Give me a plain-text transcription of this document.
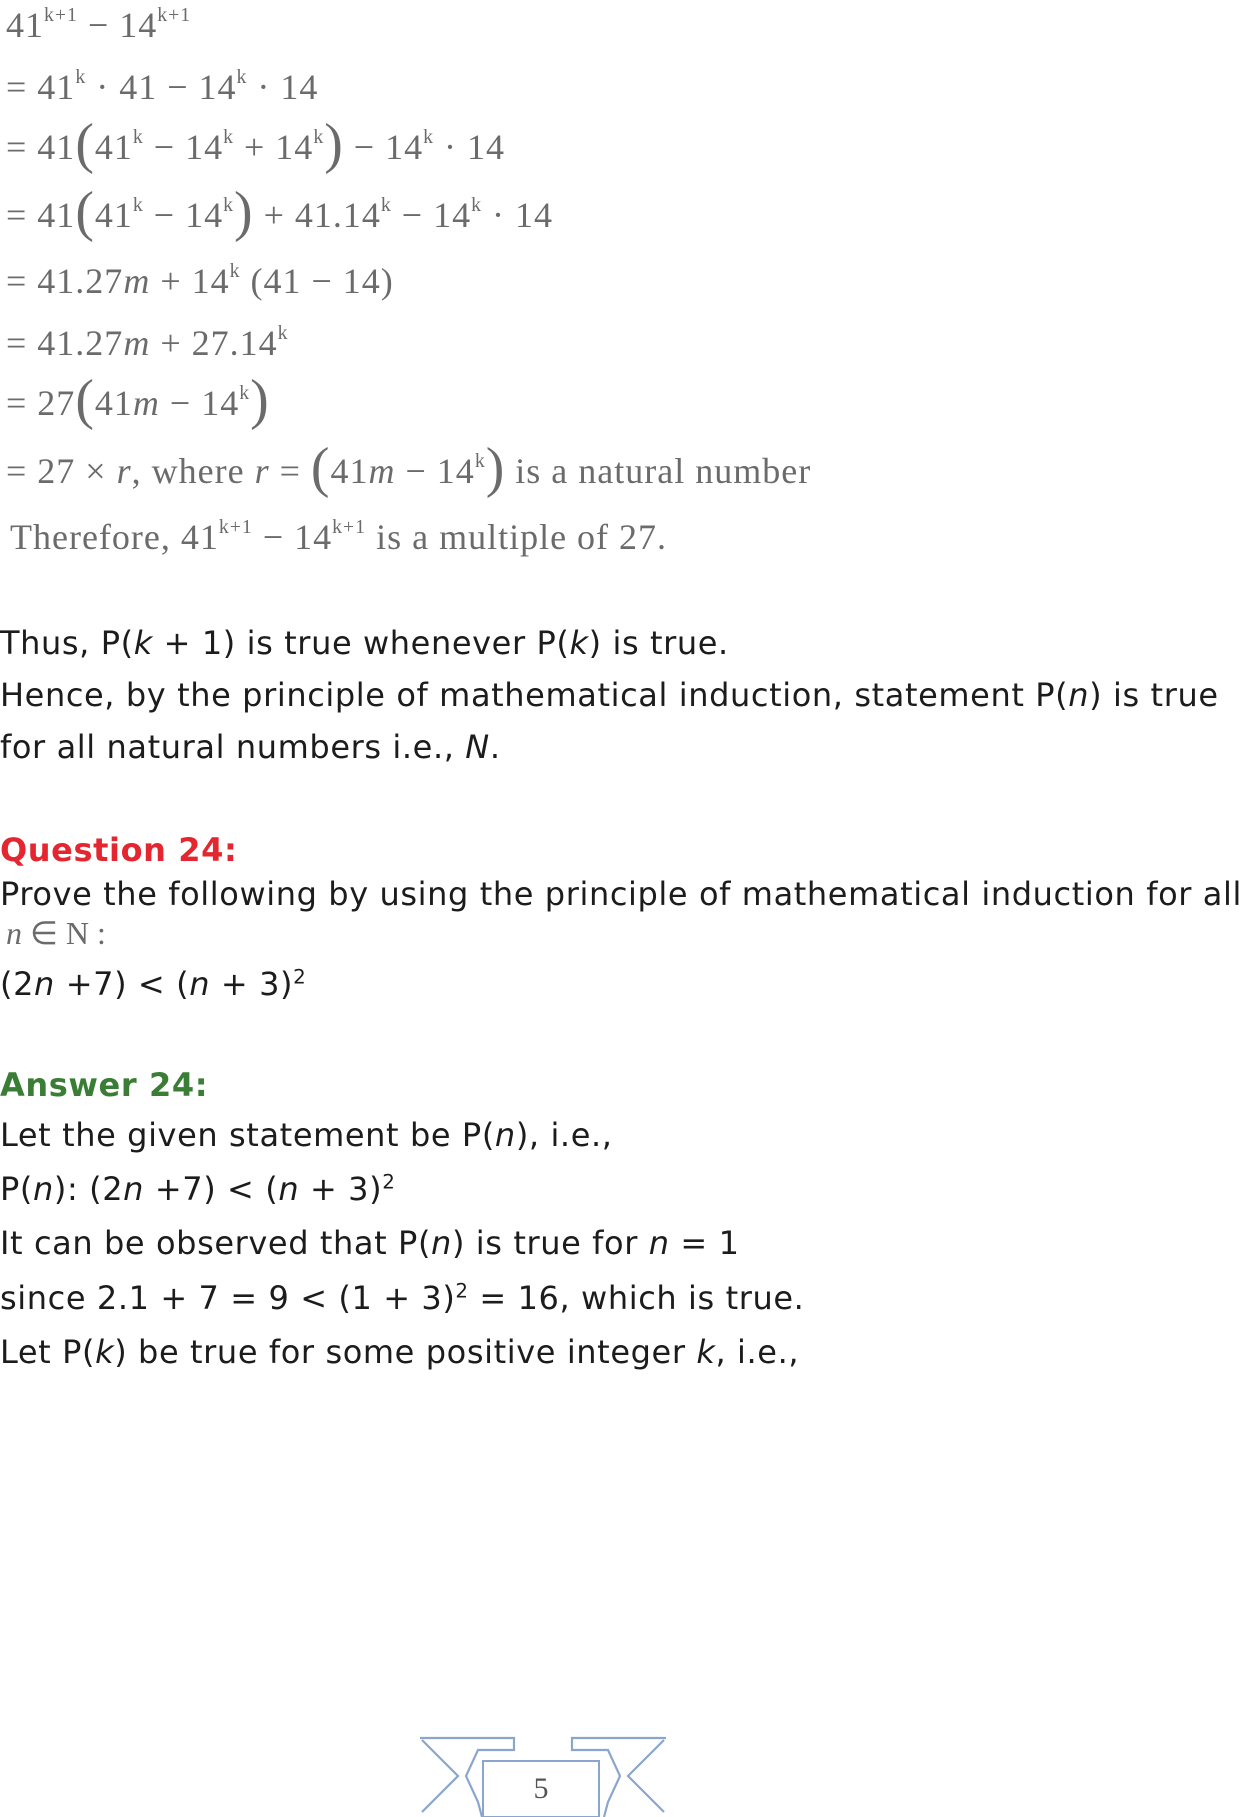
$41^{k+1} - 14^{k+1}$
= $41^k \cdot 41 - 14^k \cdot 14$
= $41(41^k - 14^k + 14^k) - 14^k \cdot 14$
= $41(41^k - 14^k) + 41.14^k - 14^k \cdot 14$
= $41.27m + 14^k$ (41 − 14)
= $41.27m + 27.14^k$
= $27(41m - 14^k)$
= 27 × r, where $r = (41m - 14^k)$ is a natural number
Therefore, $41^{k+1} - 14^{k+1}$ is a multiple of 27.
Thus, P(k + 1) is true whenever P(k) is true.
Hence, by the principle of mathematical induction, statement P(n) is true
for all natural numbers i.e., N.
Question 24:
Prove the following by using the principle of mathematical induction for all
n ∈ N :
$(2n +7) < (n + 3)^2$
Answer 24:
Let the given statement be P(n), i.e.,
P(n): $(2n +7) < (n + 3)^2$
It can be observed that P(n) is true for n = 1
since $2.1 + 7 = 9 < (1 + 3)^2 = 16$, which is true.
Let P(k) be true for some positive integer k, i.e.,
5
